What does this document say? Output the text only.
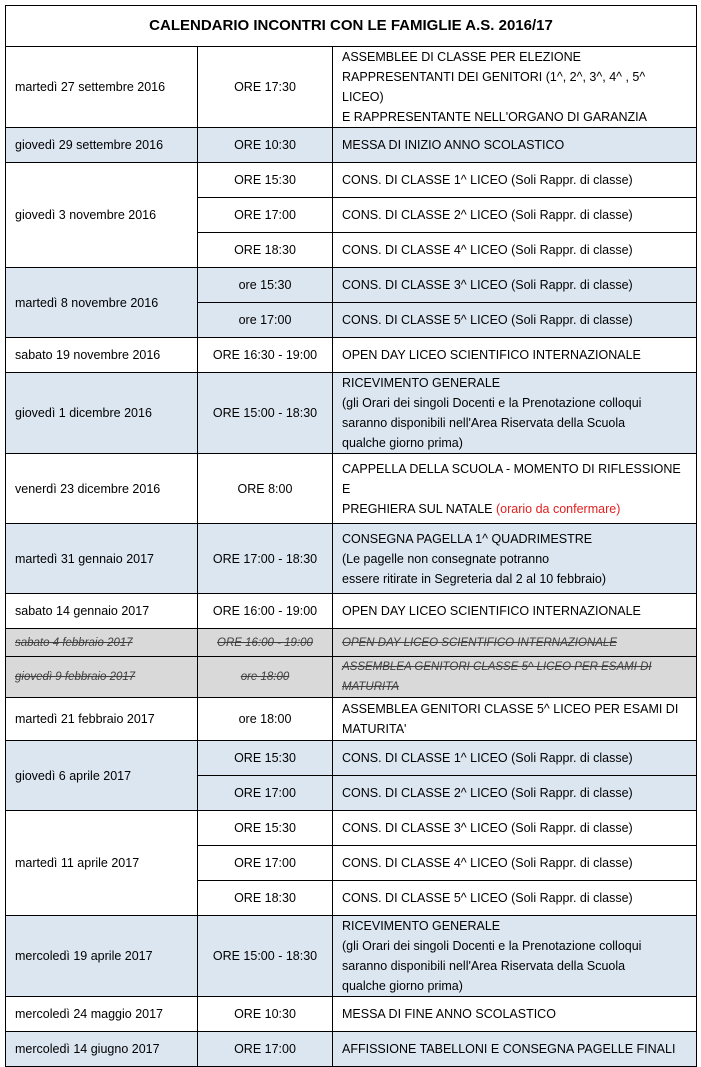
CALENDARIO INCONTRI CON LE FAMIGLIE A.S. 2016/17		
martedì 27 settembre 2016	ORE 17:30	ASSEMBLEE DI CLASSE PER ELEZIONE
RAPPRESENTANTI DEI GENITORI (1^, 2^, 3^, 4^ , 5^ LICEO)
E RAPPRESENTANTE NELL'ORGANO DI GARANZIA

giovedì 29 settembre 2016	ORE 10:30	MESSA DI INIZIO ANNO SCOLASTICO
giovedì 3 novembre 2016	ORE 15:30	CONS. DI CLASSE 1^ LICEO (Soli Rappr. di classe)
	ORE 17:00	CONS. DI CLASSE 2^ LICEO (Soli Rappr. di classe)
	ORE 18:30	CONS. DI CLASSE 4^ LICEO (Soli Rappr. di classe)
martedì 8 novembre 2016	ore 15:30	CONS. DI CLASSE 3^ LICEO (Soli Rappr. di classe)
	ore 17:00	CONS. DI CLASSE 5^ LICEO (Soli Rappr. di classe)
sabato 19 novembre 2016	ORE 16:30 - 19:00	OPEN DAY LICEO SCIENTIFICO INTERNAZIONALE
giovedì 1 dicembre 2016	ORE 15:00 - 18:30	RICEVIMENTO GENERALE
(gli Orari dei singoli Docenti e la Prenotazione colloqui
saranno disponibili nell'Area Riservata della Scuola
qualche giorno prima)

venerdì 23 dicembre 2016	ORE 8:00	CAPPELLA DELLA SCUOLA - MOMENTO DI RIFLESSIONE E
PREGHIERA SUL NATALE (orario da confermare)

martedì 31 gennaio 2017	ORE 17:00 - 18:30	CONSEGNA PAGELLA 1^ QUADRIMESTRE
(Le pagelle non consegnate potranno
essere ritirate in Segreteria dal 2 al 10 febbraio)

sabato 14 gennaio 2017	ORE 16:00 - 19:00	OPEN DAY LICEO SCIENTIFICO INTERNAZIONALE
sabato 4 febbraio 2017	ORE 16:00 - 19:00	OPEN DAY LICEO SCIENTIFICO INTERNAZIONALE
giovedì 9 febbraio 2017	ore 18:00	ASSEMBLEA GENITORI CLASSE 5^ LICEO PER ESAMI DI MATURITA
martedì 21 febbraio 2017	ore 18:00	ASSEMBLEA GENITORI CLASSE 5^ LICEO PER ESAMI DI
MATURITA'

giovedì 6 aprile 2017	ORE 15:30	CONS. DI CLASSE 1^ LICEO (Soli Rappr. di classe)
	ORE 17:00	CONS. DI CLASSE 2^ LICEO (Soli Rappr. di classe)
martedì 11 aprile 2017	ORE 15:30	CONS. DI CLASSE 3^ LICEO (Soli Rappr. di classe)
	ORE 17:00	CONS. DI CLASSE 4^ LICEO (Soli Rappr. di classe)
	ORE 18:30	CONS. DI CLASSE 5^ LICEO (Soli Rappr. di classe)
mercoledì 19 aprile 2017	ORE 15:00 - 18:30	RICEVIMENTO GENERALE
(gli Orari dei singoli Docenti e la Prenotazione colloqui
saranno disponibili nell'Area Riservata della Scuola
qualche giorno prima)

mercoledì 24 maggio 2017	ORE 10:30	MESSA DI FINE ANNO SCOLASTICO
mercoledì 14 giugno 2017	ORE 17:00	AFFISSIONE TABELLONI E CONSEGNA PAGELLE FINALI
